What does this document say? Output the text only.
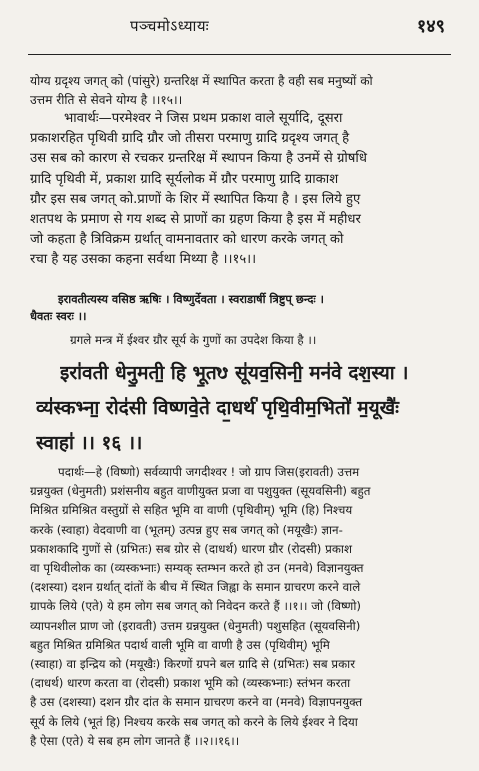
पञ्चमोऽध्यायः	१४९
योग्य ग्रदृश्य जगत् को (पांसुरे) ग्रन्तरिक्ष में स्थापित करता है वही सब मनुष्यों को
उत्तम रीति से सेवने योग्य है ।।१५।।
भावार्थः—परमेश्वर ने जिस प्रथम प्रकाश वाले सूर्यादि, दूसरा
प्रकाशरहित पृथिवी ग्रादि ग्रौर जो तीसरा परमाणु ग्रादि ग्रदृश्य जगत् है
उस सब को कारण से रचकर ग्रन्तरिक्ष में स्थापन किया है उनमें से ग्रोषधि
ग्रादि पृथिवी में, प्रकाश ग्रादि सूर्यलोक में ग्रौर परमाणु ग्रादि ग्राकाश
ग्रौर इस सब जगत् को.प्राणों के शिर में स्थापित किया है । इस लिये हुए
शतपथ के प्रमाण से गय शब्द से प्राणों का ग्रहण किया है इस में महीधर
जो कहता है त्रिविक्रम ग्रर्थात् वामनावतार को धारण करके जगत् को
रचा है यह उसका कहना सर्वथा मिथ्या है ।।१५।।
इरावतीत्यस्य वसिष्ठ ऋषिः । विष्णुर्देवता । स्वराडार्षी त्रिष्टुप् छन्दः ।
धैवतः स्वरः ।।
ग्रगले मन्त्र में ईश्वर ग्रौर सूर्य के गुणों का उपदेश किया है ।।
इरा॑वती धेनु॒मती॒ हि भू॒तᳪ सू॑यव॒सिनी॒ मन॑वे दश॒स्या ।
व्य॑स्कभ्ना॒ रोद॑सी विष्णवे॒ते दा॒धर्थ॑ पृथि॒वीम॒भितो॑ म॒यूखैः॑
स्वाहा॑ ।। १६ ।।
पदार्थः—हे (विष्णो) सर्वव्यापी जगदीश्वर ! जो ग्राप जिस(इरावती) उत्तम
ग्रन्नयुक्त (धेनुमती) प्रशंसनीय बहुत वाणीयुक्त प्रजा वा पशुयुक्त (सूयवसिनी) बहुत
मिश्रित ग्रमिश्रित वस्तुग्रों से सहित भूमि वा वाणी (पृथिवीम्) भूमि (हि) निश्चय
करके (स्वाहा) वेदवाणी वा (भूतम्) उत्पन्न हुए सब जगत् को (मयूखैः) ज्ञान-
प्रकाशकादि गुणों से (ग्रभितः) सब ग्रोर से (दाधर्थ) धारण ग्रौर (रोदसी) प्रकाश
वा पृथिवीलोक का (व्यस्कभ्नाः) सम्यक् स्तम्भन करते हो उन (मनवे) विज्ञानयुक्त
(दशस्या) दशन ग्रर्थात् दांतों के बीच में स्थित जिह्वा के समान ग्राचरण करने वाले
ग्रापके लिये (एते) ये हम लोग सब जगत् को निवेदन करते हैं ।।१।। जो (विष्णो)
व्यापनशील प्राण जो (इरावती) उत्तम ग्रन्नयुक्त (धेनुमती) पशुसहित (सूयवसिनी)
बहुत मिश्रित ग्रमिश्रित पदार्थ वाली भूमि वा वाणी है उस (पृथिवीम्) भूमि
(स्वाहा) वा इन्द्रिय को (मयूखैः) किरणों ग्रपने बल ग्रादि से (ग्रभितः) सब प्रकार
(दाधर्थ) धारण करता वा (रोदसी) प्रकाश भूमि को (व्यस्कभ्नाः) स्तंभन करता
है उस (दशस्या) दशन ग्रौर दांत के समान ग्राचरण करने वा (मनवे) विज्ञापनयुक्त
सूर्य के लिये (भूतं हि) निश्चय करके सब जगत् को करने के लिये ईश्वर ने दिया
है ऐसा (एते) ये सब हम लोग जानते हैं ।।२।।१६।।
